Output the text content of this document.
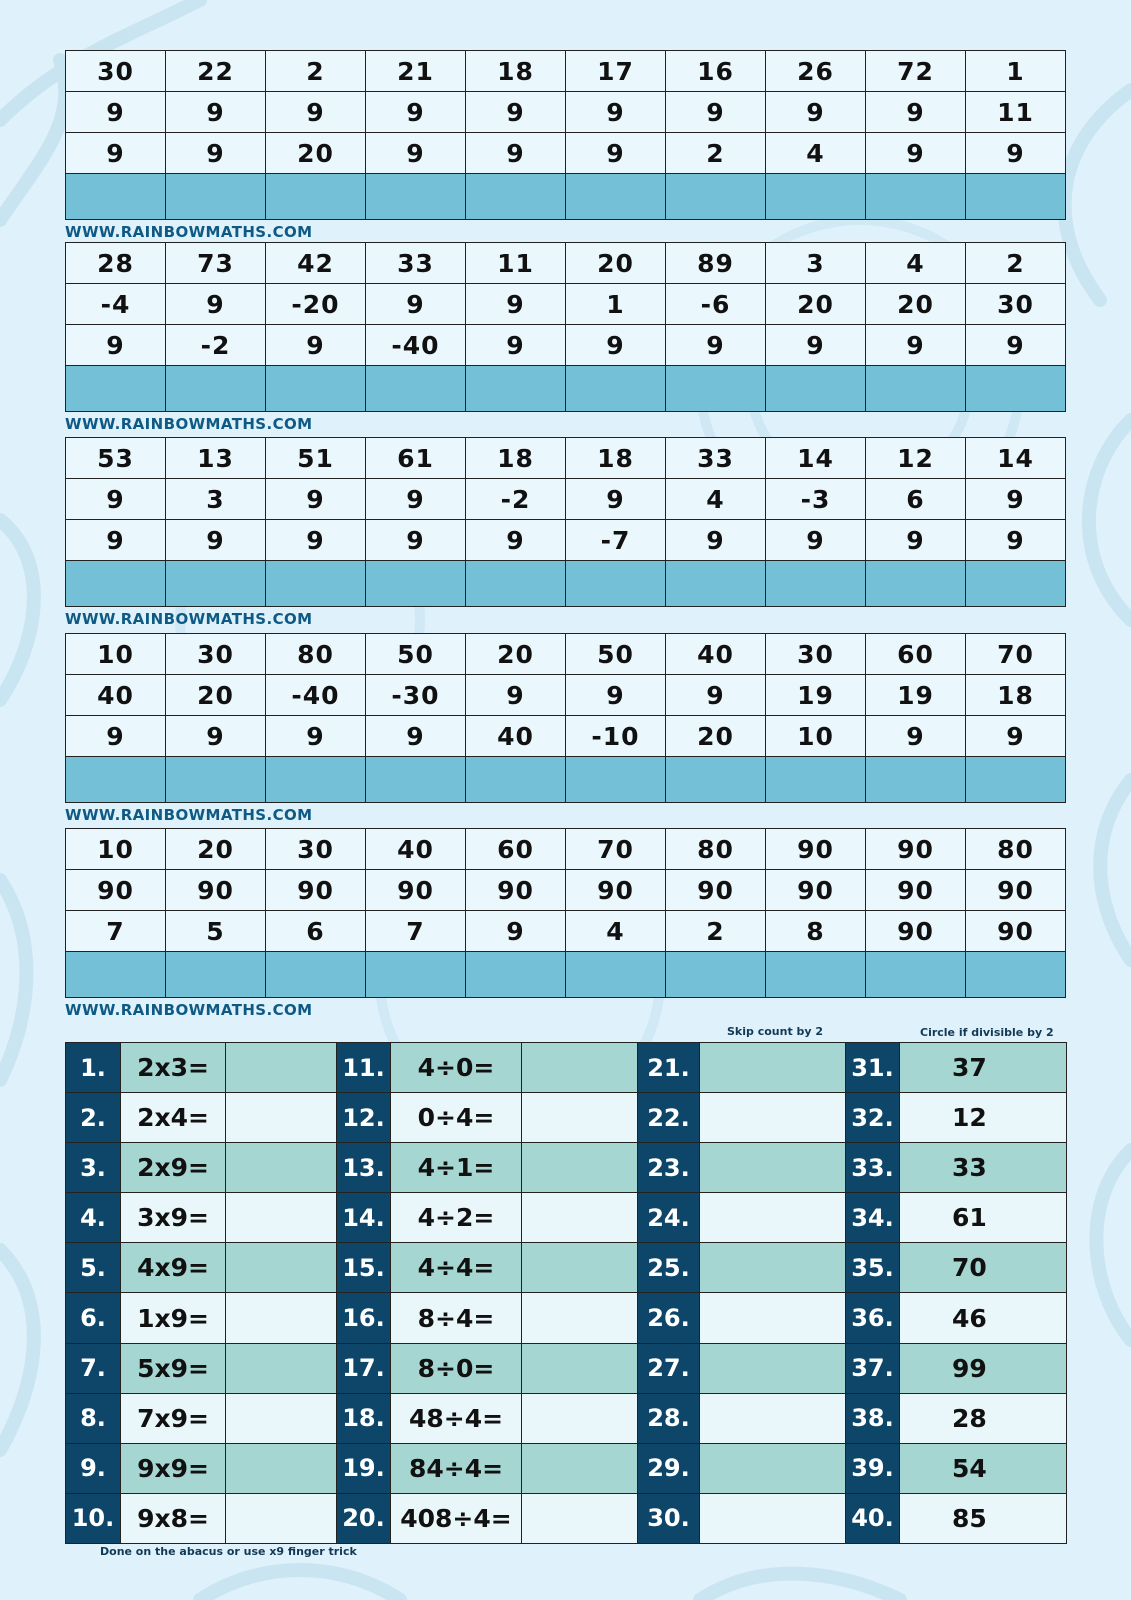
30	22	2	21	18	17	16	26	72	1
9	9	9	9	9	9	9	9	9	11
9	9	20	9	9	9	2	4	9	9

WWW.RAINBOWMATHS.COM
28	73	42	33	11	20	89	3	4	2
-4	9	-20	9	9	1	-6	20	20	30
9	-2	9	-40	9	9	9	9	9	9

WWW.RAINBOWMATHS.COM
53	13	51	61	18	18	33	14	12	14
9	3	9	9	-2	9	4	-3	6	9
9	9	9	9	9	-7	9	9	9	9

WWW.RAINBOWMATHS.COM
10	30	80	50	20	50	40	30	60	70
40	20	-40	-30	9	9	9	19	19	18
9	9	9	9	40	-10	20	10	9	9

WWW.RAINBOWMATHS.COM
10	20	30	40	60	70	80	90	90	80
90	90	90	90	90	90	90	90	90	90
7	5	6	7	9	4	2	8	90	90

WWW.RAINBOWMATHS.COM
Skip count by 2	Circle if divisible by 2
1.	2x3=		11.	4÷0=		21.		31.	37
2.	2x4=		12.	0÷4=		22.		32.	12
3.	2x9=		13.	4÷1=		23.		33.	33
4.	3x9=		14.	4÷2=		24.		34.	61
5.	4x9=		15.	4÷4=		25.		35.	70
6.	1x9=		16.	8÷4=		26.		36.	46
7.	5x9=		17.	8÷0=		27.		37.	99
8.	7x9=		18.	48÷4=		28.		38.	28
9.	9x9=		19.	84÷4=		29.		39.	54
10.	9x8=		20.	408÷4=		30.		40.	85
Done on the abacus or use x9 finger trick
